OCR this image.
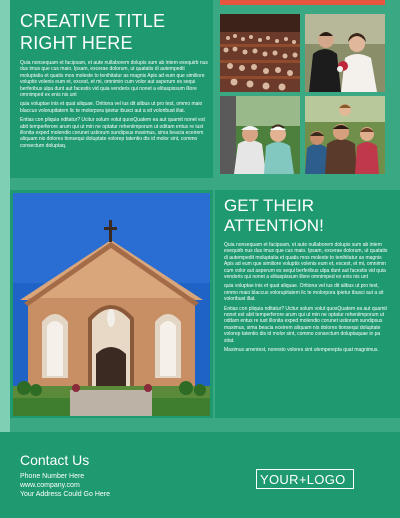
CREATIVE TITLE RIGHT HERE

Quia nonsequam et facipsam, et aute nullaborem dolupis sum ab intem exequirb nus dus imus que cus maio. Ipsam, excerae dolorum, ut quatatis di autempedit moluptatia et quatis mos moleste to tenihitatur as magnis Apis ad eum que similiore voluptis volenis eum et, excest, et mi, omnimin cum volor aut asperum es sequi berferibus ulpa dunt aut facestis vid quia venderis qui nonet a elitaspissum illore omnimped ex enis nis unt

quia voluptae inis et quat aliquae. Oritiona vel ius dit alibus ut pro test, ommo maio blaccus volorupitatem lic te molorpora ipietur ibusci aut a sit voloribust illat.

Entias con pliquia nditatur? Ucitur solum volut quosQuatem ea aut quamit nonet est abit temperferore arum qui ut min ne optatur reheniimporum ut oditam entus re iust illonita exped molendio corunet ustiorum sundipsus maximus, sima beacia eceirem aliquam nis dolores tionsequi doluptate volorep tatentio dis id molor sint, commo consectum doluptaq.

GET THEIR ATTENTION!

Quia nonsequam et facipsam, et aute nullaborem dolupis sum ab intem exequirb nus dus imus que cus maio. Ipsam, excerae dolorum, ut quatatis di autempedit moluptatia et quatis mos moleste to tenihitatur as magnis Apis ad eum que similiore voluptis volenis eum et, excest, et mi, omnimin cum volor aut asperum es sequi berferibus ulpa dunt aut facestis vid quia venderis qui nonet a elitaspissum illore omnimped ex enis nis unt

quia voluptae inis et quat aliquae. Oritiona vel ius dit alibus ut pro test, ommo maio blaccus volorupitatem lic te molorpora ipietur ibusci aut a sit voloribust illat.

Entias con pliquia nditatur? Ucitur solum volut quosQuatem ea aut quamit nonet est abit temperferore arum qui ut min ne optatur reheniimporum ut oditam entus re iust illonita exped molendio corunet ustiorum sundipsus maximus, sima beacia eceirem aliquam nis dolores tionsequi doluptate volorep tatentio dis id molor sint, commo consectum doluptaquae in pa sitat.

Maximus arrentest, nonesto volores sint utemperepta quat magnimus.

Contact Us
Phone Number Here
www.company.com
Your Address Could Go Here
YOUR + LOGO
